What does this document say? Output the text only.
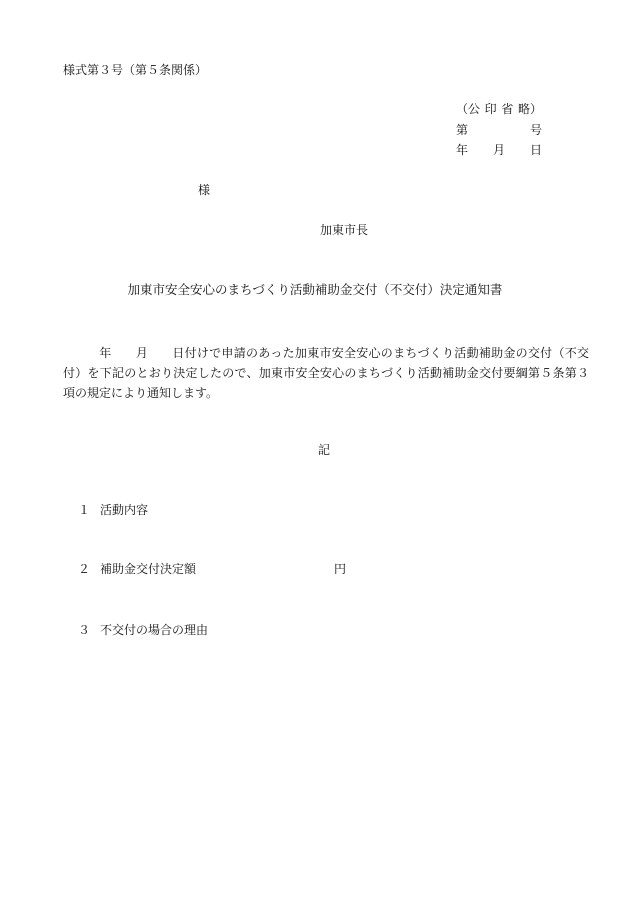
様式第３号（第５条関係）
（公 印 省 略）
第	号
年 月 日
様
加東市長
加東市安全安心のまちづくり活動補助金交付（不交付）決定通知書
年 月 日付けで申請のあった加東市安全安心のまちづくり活動補助金の交付（不交付）を下記のとおり決定したので、加東市安全安心のまちづくり活動補助金交付要綱第５条第３項の規定により通知します。
記
１ 活動内容
２ 補助金交付決定額	円
３ 不交付の場合の理由
